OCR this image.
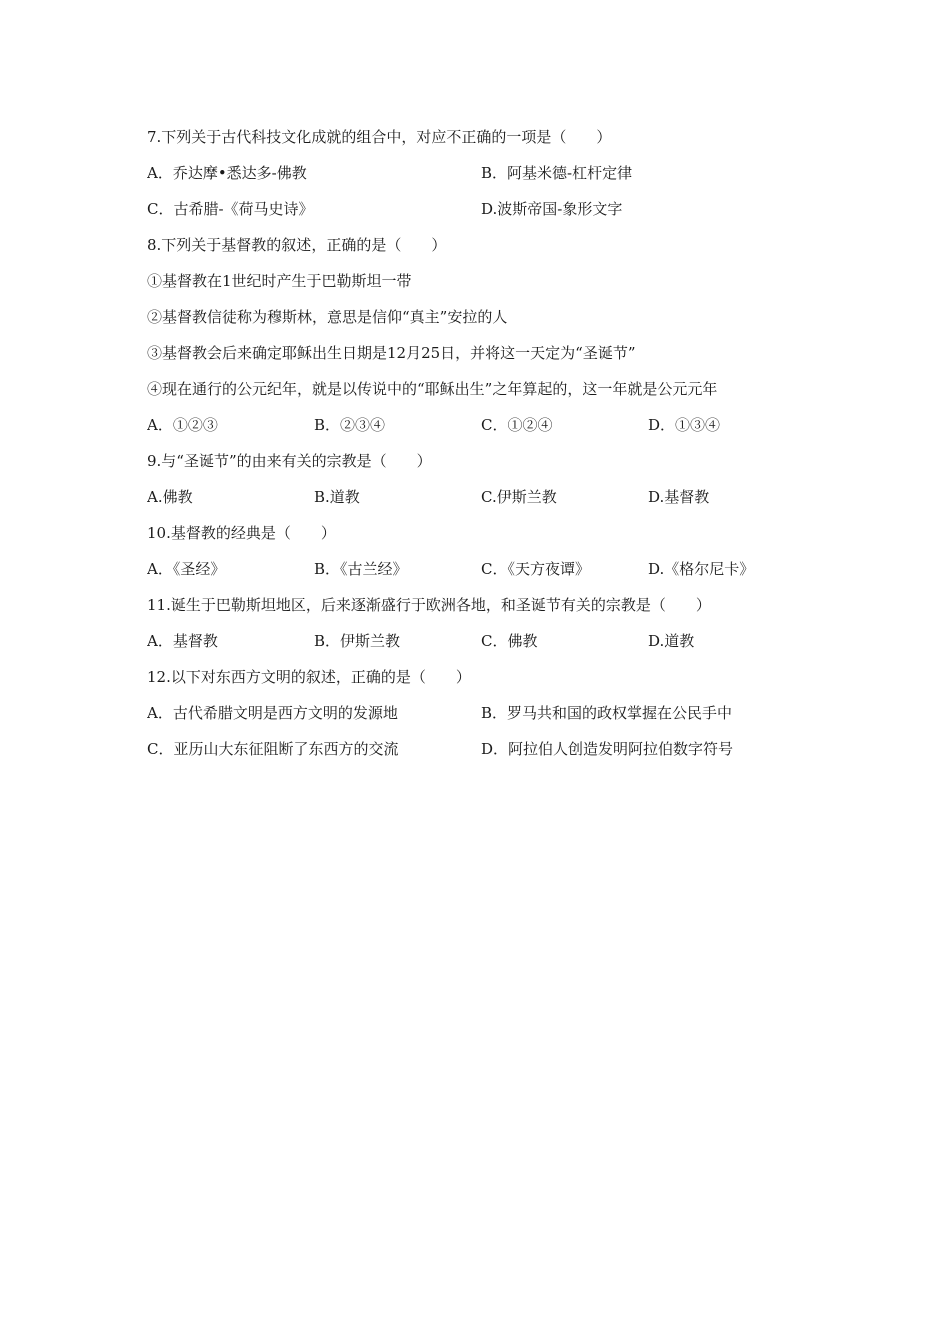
7.下列关于古代科技文化成就的组合中，对应不正确的一项是（　　）
A．乔达摩•悉达多-佛教	B．阿基米德-杠杆定律
C．古希腊-《荷马史诗》	D.波斯帝国-象形文字
8.下列关于基督教的叙述，正确的是（　　）
①基督教在1世纪时产生于巴勒斯坦一带
②基督教信徒称为穆斯林，意思是信仰“真主”安拉的人
③基督教会后来确定耶稣出生日期是12月25日，并将这一天定为“圣诞节”
④现在通行的公元纪年，就是以传说中的“耶稣出生”之年算起的，这一年就是公元元年
A．①②③	B．②③④	C．①②④	D．①③④
9.与“圣诞节”的由来有关的宗教是（　　）
A.佛教	B.道教	C.伊斯兰教	D.基督教
10.基督教的经典是（　　）
A．《圣经》	B．《古兰经》	C．《天方夜谭》	D.《格尔尼卡》
11.诞生于巴勒斯坦地区，后来逐渐盛行于欧洲各地，和圣诞节有关的宗教是（　　）
A．基督教	B．伊斯兰教	C．佛教	D.道教
12.以下对东西方文明的叙述，正确的是（　　）
A．古代希腊文明是西方文明的发源地	B．罗马共和国的政权掌握在公民手中
C．亚历山大东征阻断了东西方的交流	D．阿拉伯人创造发明阿拉伯数字符号
